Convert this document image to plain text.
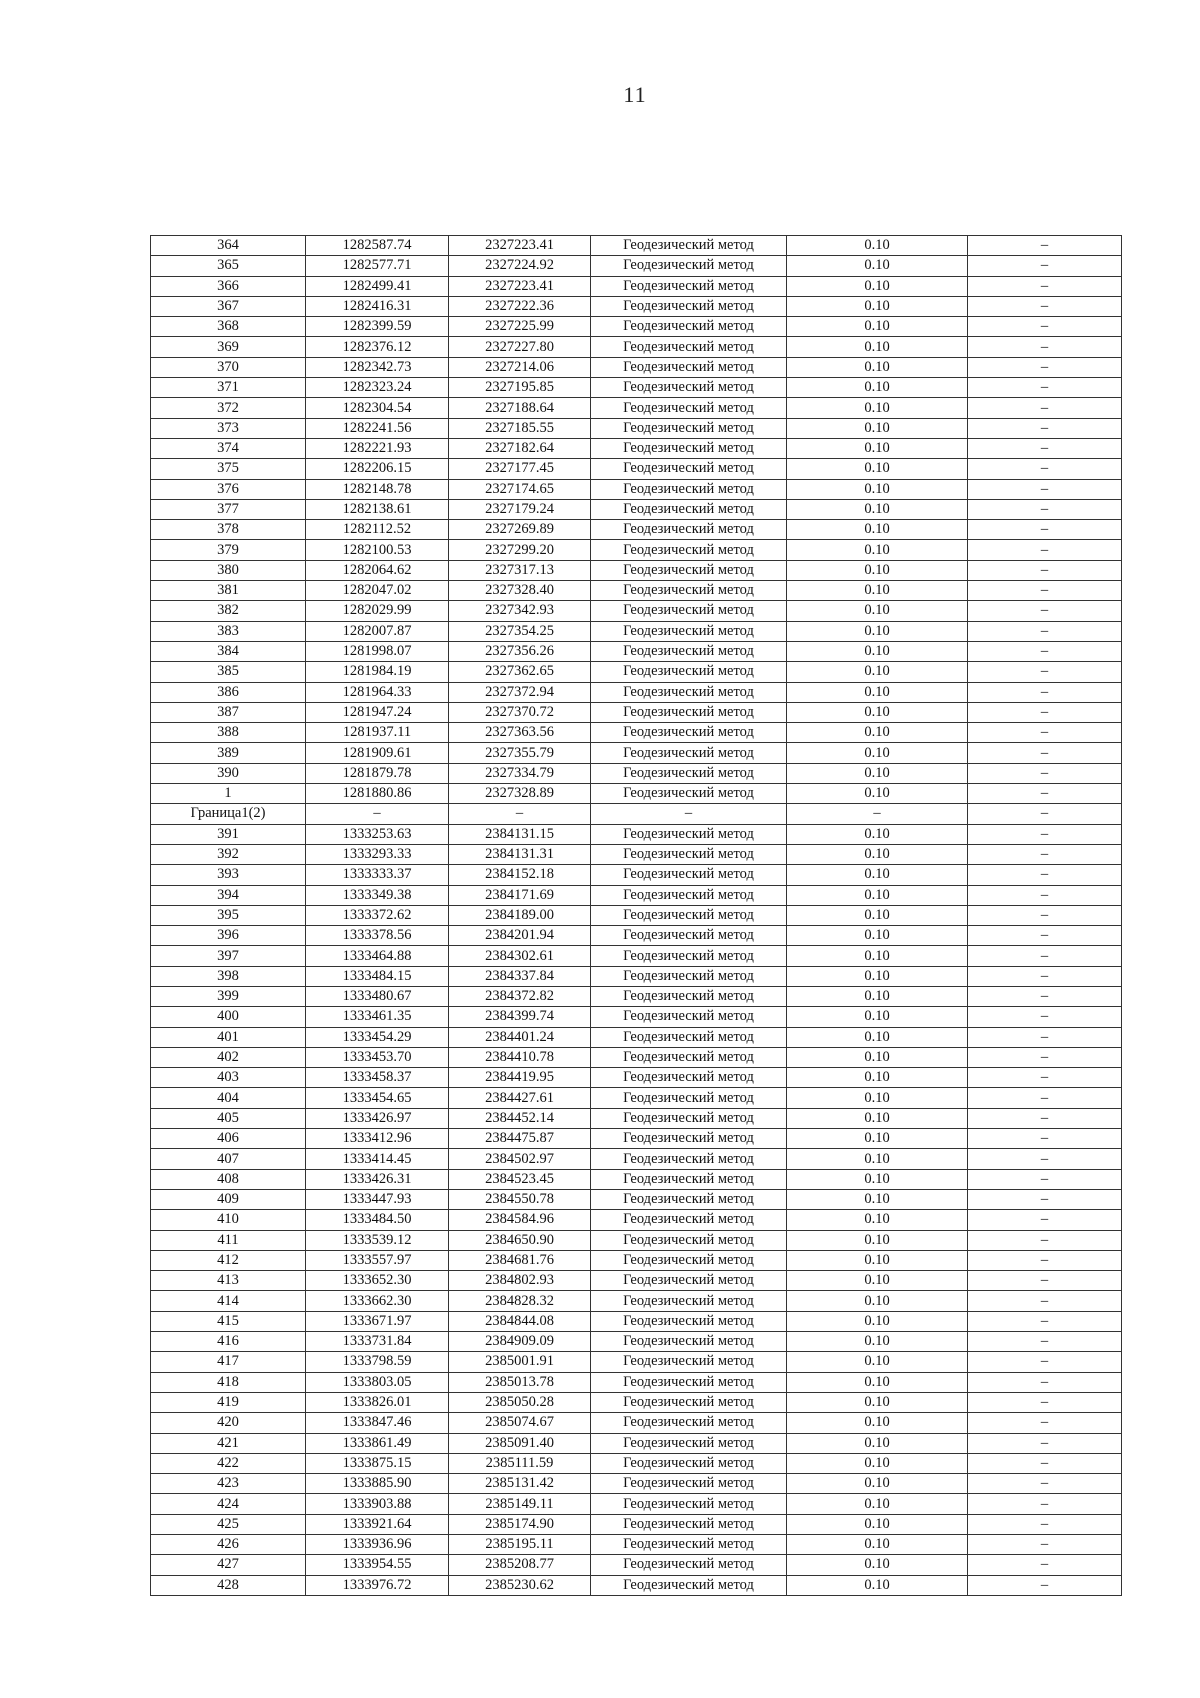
11
364	1282587.74	2327223.41	Геодезический метод	0.10	–
365	1282577.71	2327224.92	Геодезический метод	0.10	–
366	1282499.41	2327223.41	Геодезический метод	0.10	–
367	1282416.31	2327222.36	Геодезический метод	0.10	–
368	1282399.59	2327225.99	Геодезический метод	0.10	–
369	1282376.12	2327227.80	Геодезический метод	0.10	–
370	1282342.73	2327214.06	Геодезический метод	0.10	–
371	1282323.24	2327195.85	Геодезический метод	0.10	–
372	1282304.54	2327188.64	Геодезический метод	0.10	–
373	1282241.56	2327185.55	Геодезический метод	0.10	–
374	1282221.93	2327182.64	Геодезический метод	0.10	–
375	1282206.15	2327177.45	Геодезический метод	0.10	–
376	1282148.78	2327174.65	Геодезический метод	0.10	–
377	1282138.61	2327179.24	Геодезический метод	0.10	–
378	1282112.52	2327269.89	Геодезический метод	0.10	–
379	1282100.53	2327299.20	Геодезический метод	0.10	–
380	1282064.62	2327317.13	Геодезический метод	0.10	–
381	1282047.02	2327328.40	Геодезический метод	0.10	–
382	1282029.99	2327342.93	Геодезический метод	0.10	–
383	1282007.87	2327354.25	Геодезический метод	0.10	–
384	1281998.07	2327356.26	Геодезический метод	0.10	–
385	1281984.19	2327362.65	Геодезический метод	0.10	–
386	1281964.33	2327372.94	Геодезический метод	0.10	–
387	1281947.24	2327370.72	Геодезический метод	0.10	–
388	1281937.11	2327363.56	Геодезический метод	0.10	–
389	1281909.61	2327355.79	Геодезический метод	0.10	–
390	1281879.78	2327334.79	Геодезический метод	0.10	–
1	1281880.86	2327328.89	Геодезический метод	0.10	–
Граница1(2)	–	–	–	–	–
391	1333253.63	2384131.15	Геодезический метод	0.10	–
392	1333293.33	2384131.31	Геодезический метод	0.10	–
393	1333333.37	2384152.18	Геодезический метод	0.10	–
394	1333349.38	2384171.69	Геодезический метод	0.10	–
395	1333372.62	2384189.00	Геодезический метод	0.10	–
396	1333378.56	2384201.94	Геодезический метод	0.10	–
397	1333464.88	2384302.61	Геодезический метод	0.10	–
398	1333484.15	2384337.84	Геодезический метод	0.10	–
399	1333480.67	2384372.82	Геодезический метод	0.10	–
400	1333461.35	2384399.74	Геодезический метод	0.10	–
401	1333454.29	2384401.24	Геодезический метод	0.10	–
402	1333453.70	2384410.78	Геодезический метод	0.10	–
403	1333458.37	2384419.95	Геодезический метод	0.10	–
404	1333454.65	2384427.61	Геодезический метод	0.10	–
405	1333426.97	2384452.14	Геодезический метод	0.10	–
406	1333412.96	2384475.87	Геодезический метод	0.10	–
407	1333414.45	2384502.97	Геодезический метод	0.10	–
408	1333426.31	2384523.45	Геодезический метод	0.10	–
409	1333447.93	2384550.78	Геодезический метод	0.10	–
410	1333484.50	2384584.96	Геодезический метод	0.10	–
411	1333539.12	2384650.90	Геодезический метод	0.10	–
412	1333557.97	2384681.76	Геодезический метод	0.10	–
413	1333652.30	2384802.93	Геодезический метод	0.10	–
414	1333662.30	2384828.32	Геодезический метод	0.10	–
415	1333671.97	2384844.08	Геодезический метод	0.10	–
416	1333731.84	2384909.09	Геодезический метод	0.10	–
417	1333798.59	2385001.91	Геодезический метод	0.10	–
418	1333803.05	2385013.78	Геодезический метод	0.10	–
419	1333826.01	2385050.28	Геодезический метод	0.10	–
420	1333847.46	2385074.67	Геодезический метод	0.10	–
421	1333861.49	2385091.40	Геодезический метод	0.10	–
422	1333875.15	2385111.59	Геодезический метод	0.10	–
423	1333885.90	2385131.42	Геодезический метод	0.10	–
424	1333903.88	2385149.11	Геодезический метод	0.10	–
425	1333921.64	2385174.90	Геодезический метод	0.10	–
426	1333936.96	2385195.11	Геодезический метод	0.10	–
427	1333954.55	2385208.77	Геодезический метод	0.10	–
428	1333976.72	2385230.62	Геодезический метод	0.10	–
